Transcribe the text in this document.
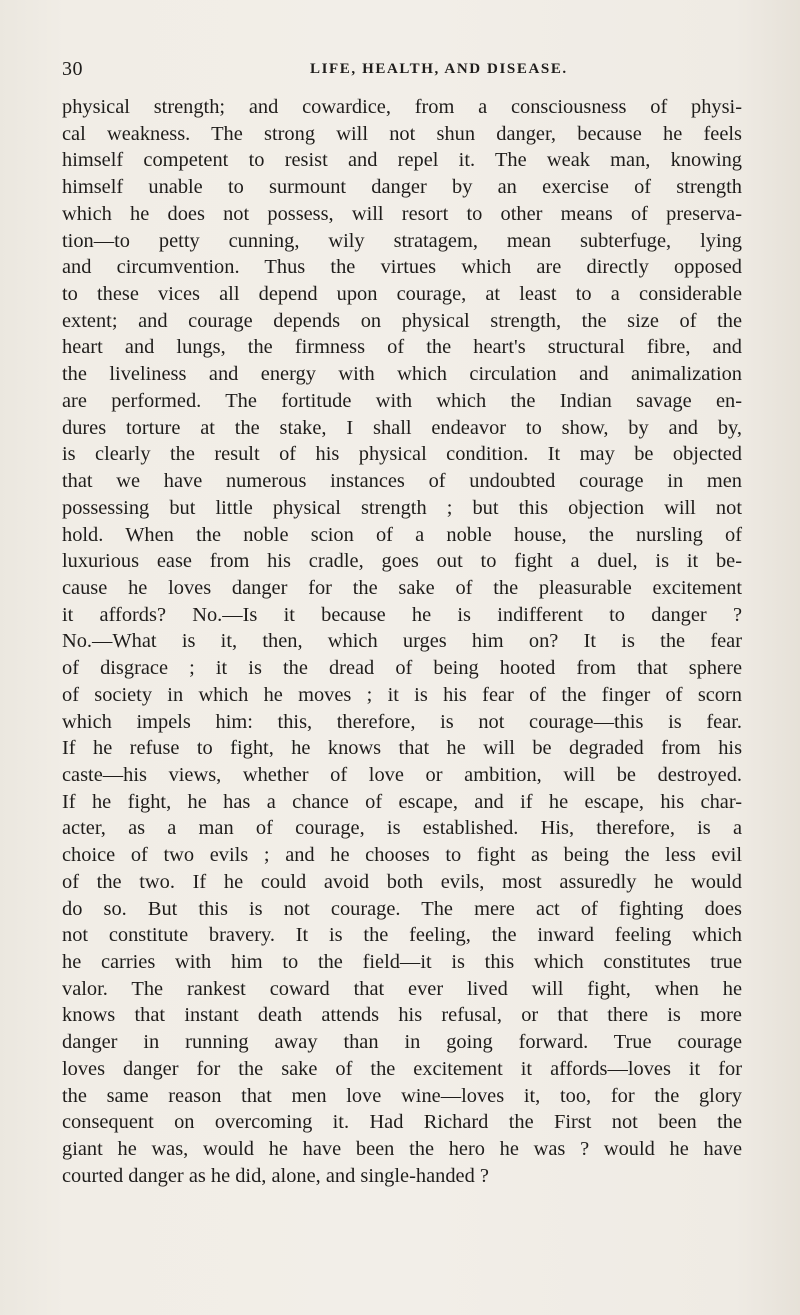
30	LIFE, HEALTH, AND DISEASE.
physical strength; and cowardice, from a consciousness of physi-
cal weakness. The strong will not shun danger, because he feels
himself competent to resist and repel it. The weak man, knowing
himself unable to surmount danger by an exercise of strength
which he does not possess, will resort to other means of preserva-
tion—to petty cunning, wily stratagem, mean subterfuge, lying
and circumvention. Thus the virtues which are directly opposed
to these vices all depend upon courage, at least to a considerable
extent; and courage depends on physical strength, the size of the
heart and lungs, the firmness of the heart's structural fibre, and
the liveliness and energy with which circulation and animalization
are performed. The fortitude with which the Indian savage en-
dures torture at the stake, I shall endeavor to show, by and by,
is clearly the result of his physical condition. It may be objected
that we have numerous instances of undoubted courage in men
possessing but little physical strength ; but this objection will not
hold. When the noble scion of a noble house, the nursling of
luxurious ease from his cradle, goes out to fight a duel, is it be-
cause he loves danger for the sake of the pleasurable excitement
it affords? No.—Is it because he is indifferent to danger ?
No.—What is it, then, which urges him on? It is the fear
of disgrace ; it is the dread of being hooted from that sphere
of society in which he moves ; it is his fear of the finger of scorn
which impels him: this, therefore, is not courage—this is fear.
If he refuse to fight, he knows that he will be degraded from his
caste—his views, whether of love or ambition, will be destroyed.
If he fight, he has a chance of escape, and if he escape, his char-
acter, as a man of courage, is established. His, therefore, is a
choice of two evils ; and he chooses to fight as being the less evil
of the two. If he could avoid both evils, most assuredly he would
do so. But this is not courage. The mere act of fighting does
not constitute bravery. It is the feeling, the inward feeling which
he carries with him to the field—it is this which constitutes true
valor. The rankest coward that ever lived will fight, when he
knows that instant death attends his refusal, or that there is more
danger in running away than in going forward. True courage
loves danger for the sake of the excitement it affords—loves it for
the same reason that men love wine—loves it, too, for the glory
consequent on overcoming it. Had Richard the First not been the
giant he was, would he have been the hero he was ? would he have
courted danger as he did, alone, and single-handed ?
